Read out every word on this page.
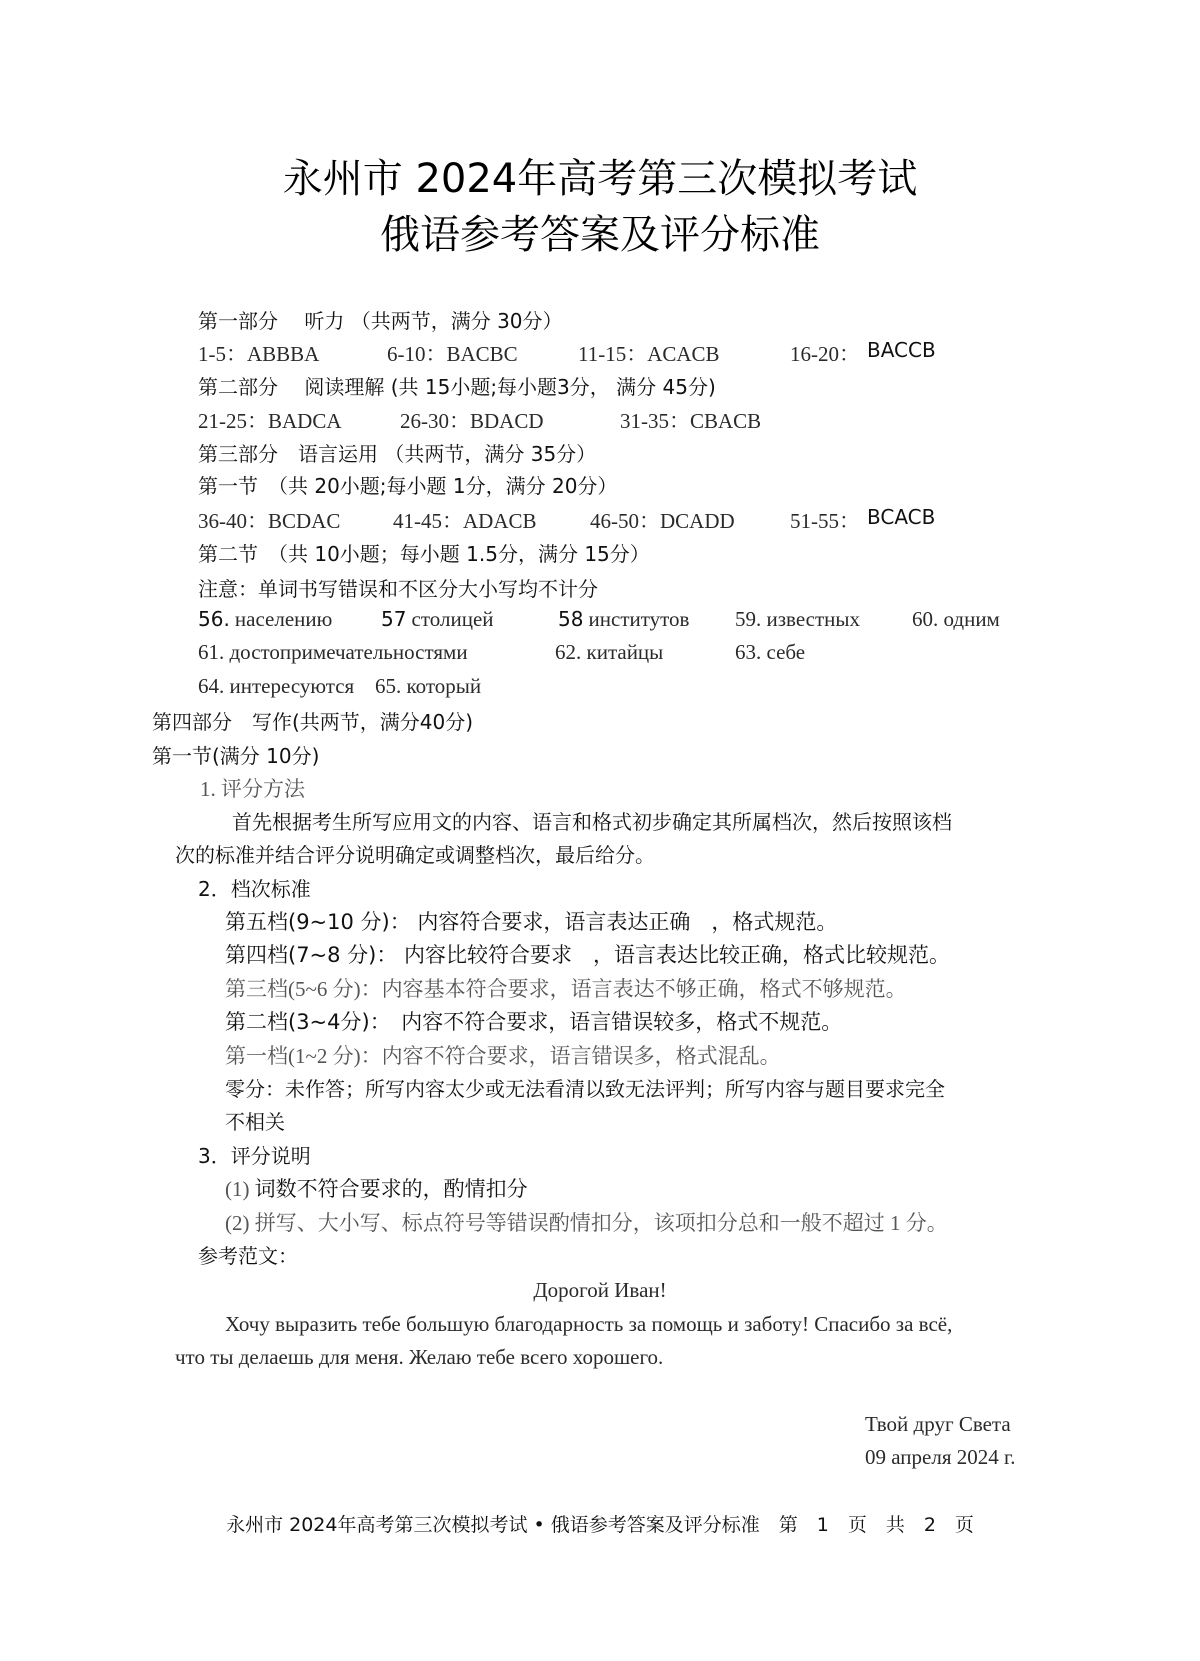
永州市 2024年高考第三次模拟考试
俄语参考答案及评分标准
第一部分　 听力 （共两节，满分 30分）
1-5：ABBBA	6-10：BACBC	11-15：ACACB	16-20： BACCB
第二部分　 阅读理解 (共 15小题;每小题3分， 满分 45分)
21-25：BADCA	26-30：BDACD	31-35：CBACB
第三部分　语言运用 （共两节，满分 35分）
第一节　（共 20小题;每小题 1分，满分 20分）
36-40：BCDAC	41-45：ADACB	46-50：DCADD	51-55： BCACB
第二节　（共 10小题；每小题 1.5分，满分 15分）
注意：单词书写错误和不区分大小写均不计分
56. населению 57 столицей	58 институтов 59. известных 60. одним
61. достопримечательностями	62. китайцы	63. себе
64. интересуются 65. который
第四部分　写作(共两节，满分40分)
第一节(满分 10分)
1. 评分方法
首先根据考生所写应用文的内容、语言和格式初步确定其所属档次，然后按照该档
次的标准并结合评分说明确定或调整档次，最后给分。
2．档次标准
第五档(9~10 分)： 内容符合要求，语言表达正确　，格式规范。
第四档(7~8 分)： 内容比较符合要求　，语言表达比较正确，格式比较规范。
第三档(5~6 分)：内容基本符合要求，语言表达不够正确，格式不够规范。
第二档(3~4分)：　内容不符合要求，语言错误较多，格式不规范。
第一档(1~2 分)：内容不符合要求，语言错误多，格式混乱。
零分：未作答；所写内容太少或无法看清以致无法评判；所写内容与题目要求完全
不相关
3．评分说明
(1) 词数不符合要求的，酌情扣分
(2) 拼写、大小写、标点符号等错误酌情扣分，该项扣分总和一般不超过 1 分。
参考范文：
Дорогой Иван!
Хочу выразить тебе большую благодарность за помощь и заботу! Спасибо за всё,
что ты делаешь для меня. Желаю тебе всего хорошего.
Твой друг Света
09 апреля 2024 г.
永州市 2024年高考第三次模拟考试 • 俄语参考答案及评分标准　第　1　页　共　2　页
